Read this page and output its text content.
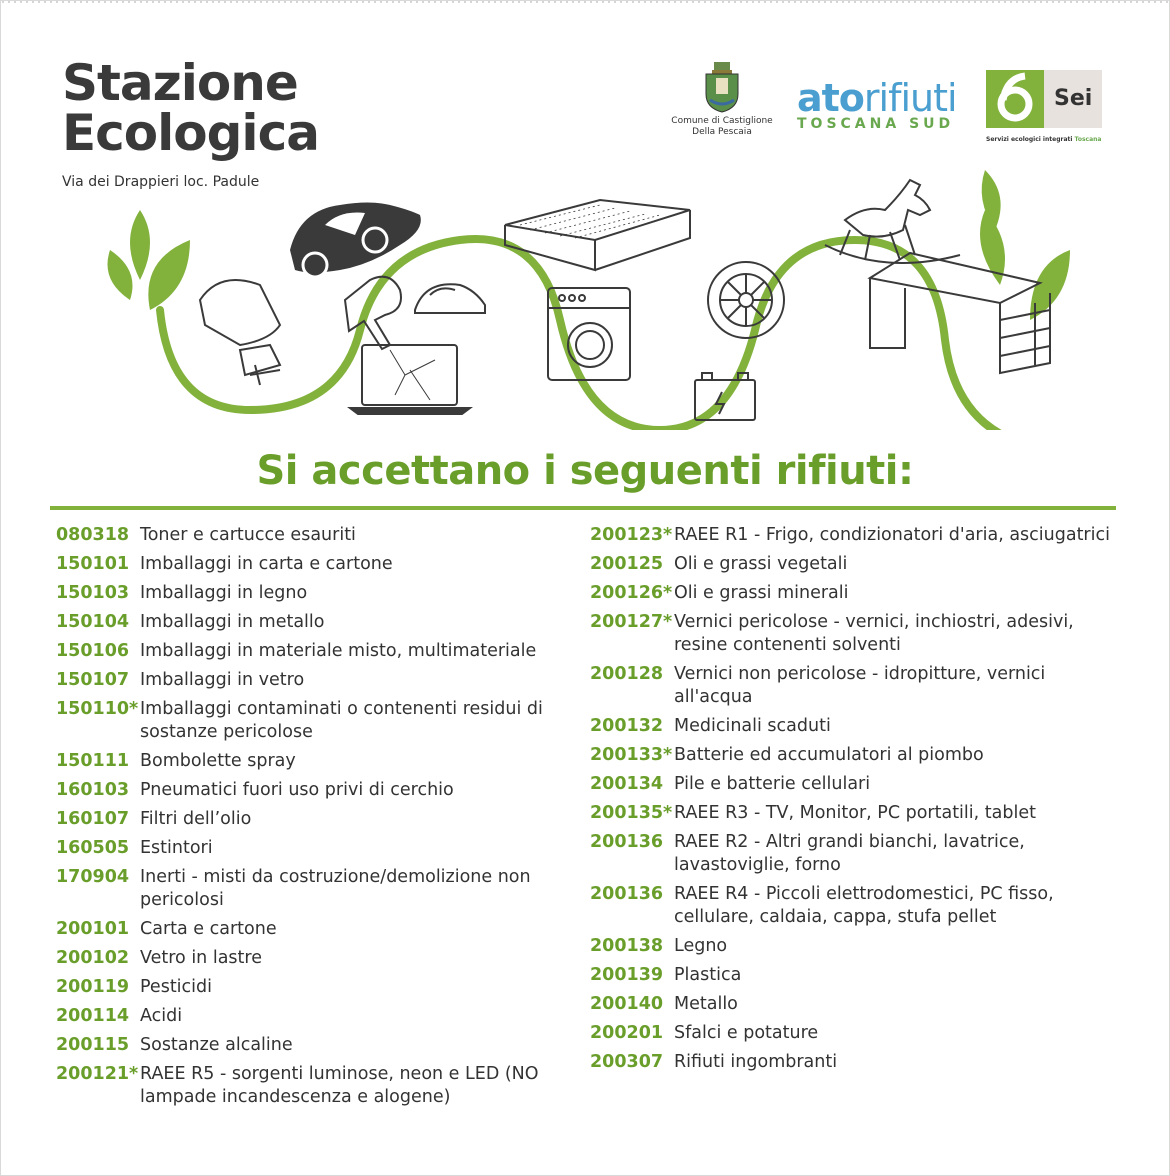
Stazione
Ecologica

Via dei Drappieri loc. Padule

Comune di Castiglione
Della Pescaia
atorifiuti
TOSCANA SUD
Sei
Servizi ecologici integrati Toscana
Si accettano i seguenti rifiuti:
080318 Toner e cartucce esauriti
150101 Imballaggi in carta e cartone
150103 Imballaggi in legno
150104 Imballaggi in metallo
150106 Imballaggi in materiale misto, multimateriale
150107 Imballaggi in vetro
150110* Imballaggi contaminati o contenenti residui di sostanze pericolose
150111 Bombolette spray
160103 Pneumatici fuori uso privi di cerchio
160107 Filtri dell’olio
160505 Estintori
170904 Inerti - misti da costruzione/demolizione non pericolosi
200101 Carta e cartone
200102 Vetro in lastre
200119 Pesticidi
200114 Acidi
200115 Sostanze alcaline
200121* RAEE R5 - sorgenti luminose, neon e LED (NO lampade incandescenza e alogene)
200123* RAEE R1 - Frigo, condizionatori d'aria, asciugatrici
200125 Oli e grassi vegetali
200126* Oli e grassi minerali
200127* Vernici pericolose - vernici, inchiostri, adesivi, resine contenenti solventi
200128 Vernici non pericolose - idropitture, vernici all'acqua
200132 Medicinali scaduti
200133* Batterie ed accumulatori al piombo
200134 Pile e batterie cellulari
200135* RAEE R3 - TV, Monitor, PC portatili, tablet
200136 RAEE R2 - Altri grandi bianchi, lavatrice, lavastoviglie, forno
200136 RAEE R4 - Piccoli elettrodomestici, PC fisso, cellulare, caldaia, cappa, stufa pellet
200138 Legno
200139 Plastica
200140 Metallo
200201 Sfalci e potature
200307 Rifiuti ingombranti
